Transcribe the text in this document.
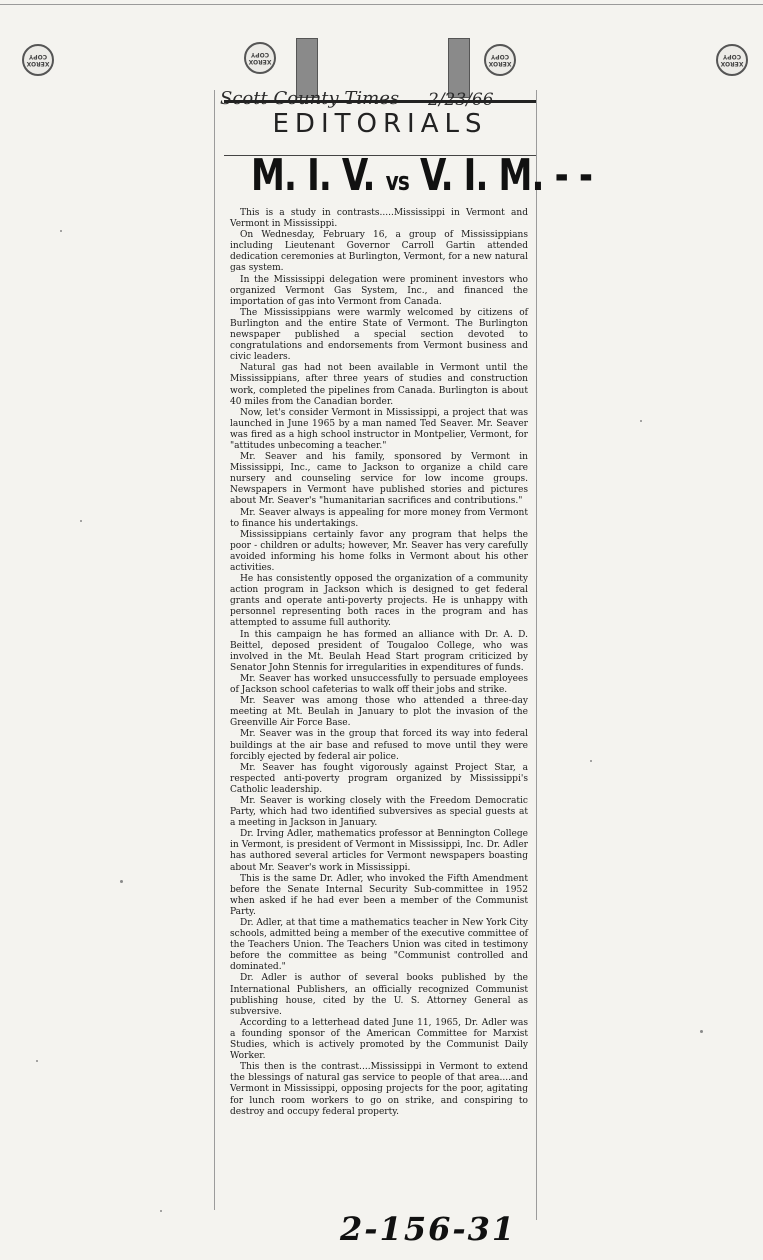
XEROX COPY
XEROX COPY
XEROX COPY
XEROX COPY
Scott County Times 2/23/66
EDITORIALS
M. I. V. vs V. I. M. - -

This is a study in contrasts.....Mississippi in Vermont and Vermont in Mississippi.

On Wednesday, February 16, a group of Mississippians including Lieutenant Governor Carroll Gartin attended dedication ceremonies at Burlington, Vermont, for a new natural gas system.

In the Mississippi delegation were prominent investors who organized Vermont Gas System, Inc., and financed the importation of gas into Vermont from Canada.

The Mississippians were warmly welcomed by citizens of Burlington and the entire State of Vermont. The Burlington newspaper published a special section devoted to congratulations and endorsements from Vermont business and civic leaders.

Natural gas had not been available in Vermont until the Mississippians, after three years of studies and construction work, completed the pipelines from Canada. Burlington is about 40 miles from the Canadian border.

Now, let's consider Vermont in Mississippi, a project that was launched in June 1965 by a man named Ted Seaver. Mr. Seaver was fired as a high school instructor in Montpelier, Vermont, for "attitudes unbecoming a teacher."

Mr. Seaver and his family, sponsored by Vermont in Mississippi, Inc., came to Jackson to organize a child care nursery and counseling service for low income groups. Newspapers in Vermont have published stories and pictures about Mr. Seaver's "humanitarian sacrifices and contributions."

Mr. Seaver always is appealing for more money from Vermont to finance his undertakings.

Mississippians certainly favor any program that helps the poor - children or adults; however, Mr. Seaver has very carefully avoided informing his home folks in Vermont about his other activities.

He has consistently opposed the organization of a community action program in Jackson which is designed to get federal grants and operate anti-poverty projects. He is unhappy with personnel representing both races in the program and has attempted to assume full authority.

In this campaign he has formed an alliance with Dr. A. D. Beittel, deposed president of Tougaloo College, who was involved in the Mt. Beulah Head Start program criticized by Senator John Stennis for irregularities in expenditures of funds.

Mr. Seaver has worked unsuccessfully to persuade employees of Jackson school cafeterias to walk off their jobs and strike.

Mr. Seaver was among those who attended a three-day meeting at Mt. Beulah in January to plot the invasion of the Greenville Air Force Base.

Mr. Seaver was in the group that forced its way into federal buildings at the air base and refused to move until they were forcibly ejected by federal air police.

Mr. Seaver has fought vigorously against Project Star, a respected anti-poverty program organized by Mississippi's Catholic leadership.

Mr. Seaver is working closely with the Freedom Democratic Party, which had two identified subversives as special guests at a meeting in Jackson in January.

Dr. Irving Adler, mathematics professor at Bennington College in Vermont, is president of Vermont in Mississippi, Inc. Dr. Adler has authored several articles for Vermont newspapers boasting about Mr. Seaver's work in Mississippi.

This is the same Dr. Adler, who invoked the Fifth Amendment before the Senate Internal Security Sub-committee in 1952 when asked if he had ever been a member of the Communist Party.

Dr. Adler, at that time a mathematics teacher in New York City schools, admitted being a member of the executive committee of the Teachers Union. The Teachers Union was cited in testimony before the committee as being "Communist controlled and dominated."

Dr. Adler is author of several books published by the International Publishers, an officially recognized Communist publishing house, cited by the U. S. Attorney General as subversive.

According to a letterhead dated June 11, 1965, Dr. Adler was a founding sponsor of the American Committee for Marxist Studies, which is actively promoted by the Communist Daily Worker.

This then is the contrast....Mississippi in Vermont to extend the blessings of natural gas service to people of that area....and Vermont in Mississippi, opposing projects for the poor, agitating for lunch room workers to go on strike, and conspiring to destroy and occupy federal property.

2-156-31
